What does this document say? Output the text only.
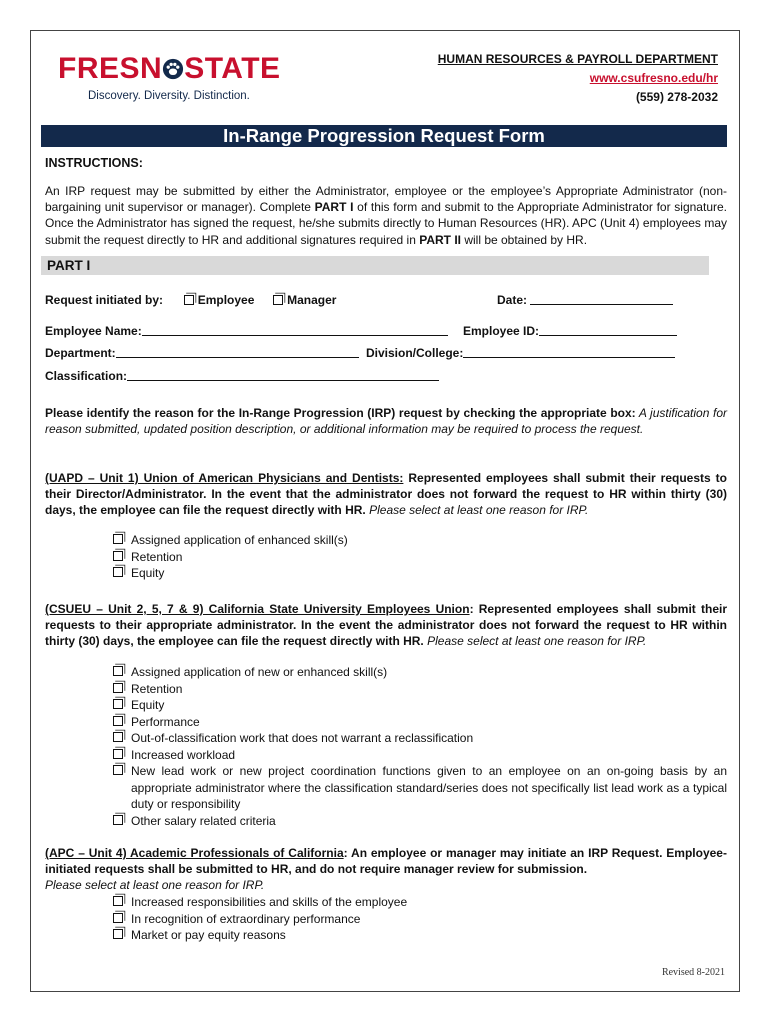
FRESN STATE
Discovery. Diversity. Distinction.
HUMAN RESOURCES & PAYROLL DEPARTMENT
www.csufresno.edu/hr
(559) 278-2032
In-Range Progression Request Form
INSTRUCTIONS:
An IRP request may be submitted by either the Administrator, employee or the employee’s Appropriate Administrator (non-bargaining unit supervisor or manager). Complete PART I of this form and submit to the Appropriate Administrator for signature. Once the Administrator has signed the request, he/she submits directly to Human Resources (HR). APC (Unit 4) employees may submit the request directly to HR and additional signatures required in PART II will be obtained by HR.
PART I
Request initiated by:	Employee	Manager	Date:
Employee Name:	Employee ID:
Department:	Division/College:
Classification:
Please identify the reason for the In-Range Progression (IRP) request by checking the appropriate box: A justification for reason submitted, updated position description, or additional information may be required to process the request.
(UAPD – Unit 1) Union of American Physicians and Dentists: Represented employees shall submit their requests to their Director/Administrator. In the event that the administrator does not forward the request to HR within thirty (30) days, the employee can file the request directly with HR. Please select at least one reason for IRP.
Assigned application of enhanced skill(s)
Retention
Equity
(CSUEU – Unit 2, 5, 7 & 9) California State University Employees Union: Represented employees shall submit their requests to their appropriate administrator. In the event the administrator does not forward the request to HR within thirty (30) days, the employee can file the request directly with HR. Please select at least one reason for IRP.
Assigned application of new or enhanced skill(s)
Retention
Equity
Performance
Out-of-classification work that does not warrant a reclassification
Increased workload
New lead work or new project coordination functions given to an employee on an on-going basis by an appropriate administrator where the classification standard/series does not specifically list lead work as a typical duty or responsibility
Other salary related criteria
(APC – Unit 4) Academic Professionals of California: An employee or manager may initiate an IRP Request. Employee-initiated requests shall be submitted to HR, and do not require manager review for submission.
Please select at least one reason for IRP.
Increased responsibilities and skills of the employee
In recognition of extraordinary performance
Market or pay equity reasons
Revised 8-2021
